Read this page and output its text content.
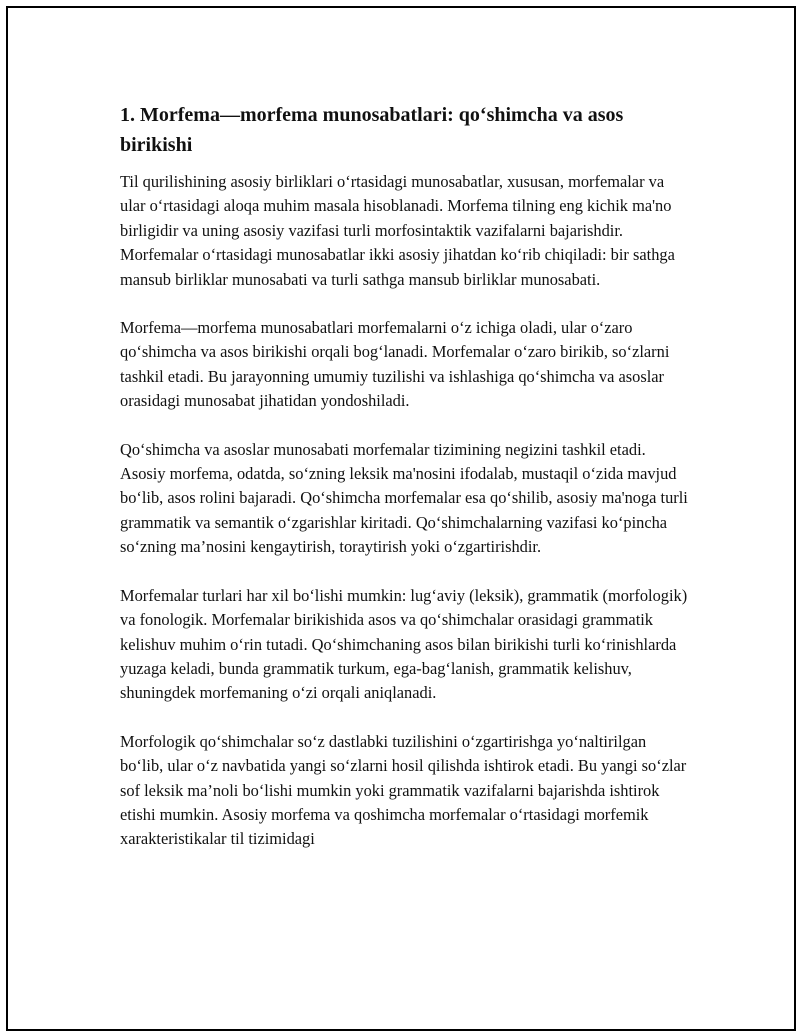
1. Morfema—morfema munosabatlari: qo‘shimcha va asos birikishi

Til qurilishining asosiy birliklari o‘rtasidagi munosabatlar, xususan, morfemalar va ular o‘rtasidagi aloqa muhim masala hisoblanadi. Morfema tilning eng kichik ma'no birligidir va uning asosiy vazifasi turli morfosintaktik vazifalarni bajarishdir. Morfemalar o‘rtasidagi munosabatlar ikki asosiy jihatdan ko‘rib chiqiladi: bir sathga mansub birliklar munosabati va turli sathga mansub birliklar munosabati.

Morfema—morfema munosabatlari morfemalarni o‘z ichiga oladi, ular o‘zaro qo‘shimcha va asos birikishi orqali bog‘lanadi. Morfemalar o‘zaro birikib, so‘zlarni tashkil etadi. Bu jarayonning umumiy tuzilishi va ishlashiga qo‘shimcha va asoslar orasidagi munosabat jihatidan yondoshiladi.

Qo‘shimcha va asoslar munosabati morfemalar tizimining negizini tashkil etadi. Asosiy morfema, odatda, so‘zning leksik ma'nosini ifodalab, mustaqil o‘zida mavjud bo‘lib, asos rolini bajaradi. Qo‘shimcha morfemalar esa qo‘shilib, asosiy ma'noga turli grammatik va semantik o‘zgarishlar kiritadi. Qo‘shimchalarning vazifasi ko‘pincha so‘zning ma’nosini kengaytirish, toraytirish yoki o‘zgartirishdir.

Morfemalar turlari har xil bo‘lishi mumkin: lug‘aviy (leksik), grammatik (morfologik) va fonologik. Morfemalar birikishida asos va qo‘shimchalar orasidagi grammatik kelishuv muhim o‘rin tutadi. Qo‘shimchaning asos bilan birikishi turli ko‘rinishlarda yuzaga keladi, bunda grammatik turkum, ega-bag‘lanish, grammatik kelishuv, shuningdek morfemaning o‘zi orqali aniqlanadi.

Morfologik qo‘shimchalar so‘z dastlabki tuzilishini o‘zgartirishga yo‘naltirilgan bo‘lib, ular o‘z navbatida yangi so‘zlarni hosil qilishda ishtirok etadi. Bu yangi so‘zlar sof leksik ma’noli bo‘lishi mumkin yoki grammatik vazifalarni bajarishda ishtirok etishi mumkin. Asosiy morfema va qoshimcha morfemalar o‘rtasidagi morfemik xarakteristikalar til tizimidagi
